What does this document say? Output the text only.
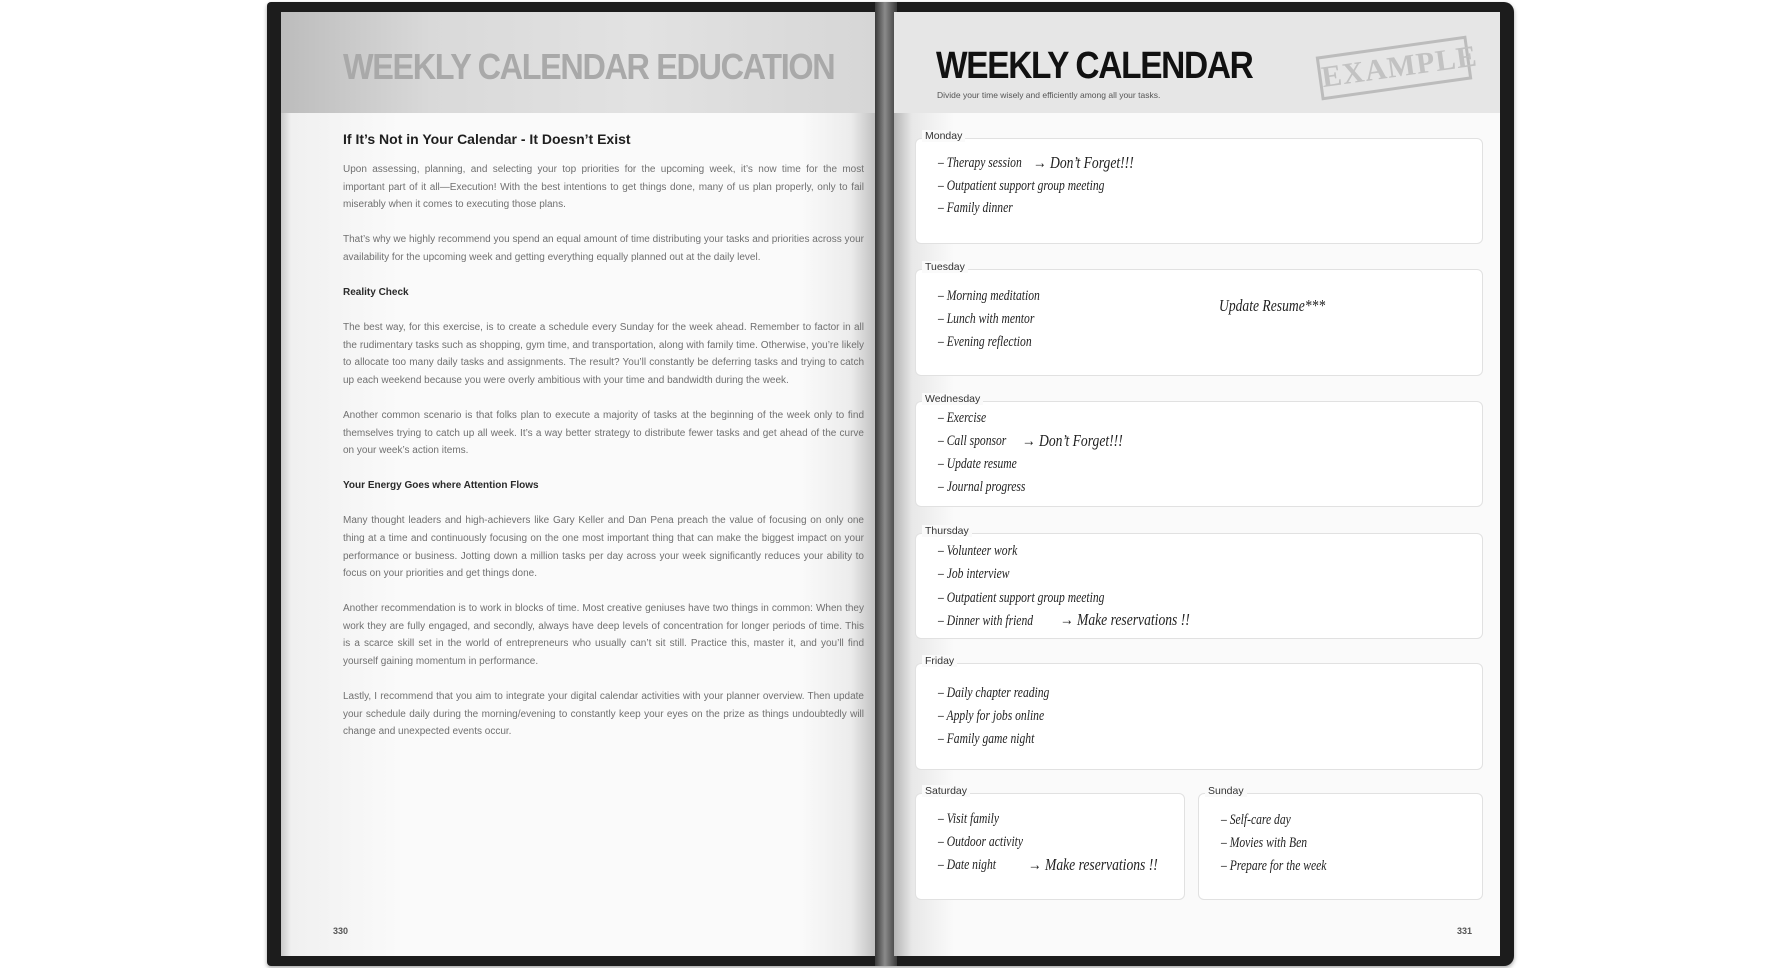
WEEKLY CALENDAR EDUCATION
If It’s Not in Your Calendar - It Doesn’t Exist

Upon assessing, planning, and selecting your top priorities for the upcoming week, it’s now time for the most important part of it all—Execution! With the best intentions to get things done, many of us plan properly, only to fail miserably when it comes to executing those plans.

That’s why we highly recommend you spend an equal amount of time distributing your tasks and priorities across your availability for the upcoming week and getting everything equally planned out at the daily level.

Reality Check

The best way, for this exercise, is to create a schedule every Sunday for the week ahead. Remember to factor in all the rudimentary tasks such as shopping, gym time, and transportation, along with family time. Otherwise, you’re likely to allocate too many daily tasks and assignments. The result? You’ll constantly be deferring tasks and trying to catch up each weekend because you were overly ambitious with your time and bandwidth during the week.

Another common scenario is that folks plan to execute a majority of tasks at the beginning of the week only to find themselves trying to catch up all week. It’s a way better strategy to distribute fewer tasks and get ahead of the curve on your week’s action items.

Your Energy Goes where Attention Flows

Many thought leaders and high-achievers like Gary Keller and Dan Pena preach the value of focusing on only one thing at a time and continuously focusing on the one most important thing that can make the biggest impact on your performance or business. Jotting down a million tasks per day across your week significantly reduces your ability to focus on your priorities and get things done.

Another recommendation is to work in blocks of time. Most creative geniuses have two things in common: When they work they are fully engaged, and secondly, always have deep levels of concentration for longer periods of time. This is a scarce skill set in the world of entrepreneurs who usually can’t sit still. Practice this, master it, and you’ll find yourself gaining momentum in performance.

Lastly, I recommend that you aim to integrate your digital calendar activities with your planner overview. Then update your schedule daily during the morning/evening to constantly keep your eyes on the prize as things undoubtedly will change and unexpected events occur.

330
WEEKLY CALENDAR
Divide your time wisely and efficiently among all your tasks.
EXAMPLE
Monday
– Therapy session
– Outpatient support group meeting
– Family dinner
→ Don’t Forget!!!
Tuesday
– Morning meditation
– Lunch with mentor
– Evening reflection
Update Resume***
Wednesday
– Exercise
– Call sponsor
– Update resume
– Journal progress
→ Don’t Forget!!!
Thursday
– Volunteer work
– Job interview
– Outpatient support group meeting
– Dinner with friend → Make reservations !!
Friday
– Daily chapter reading
– Apply for jobs online
– Family game night
Saturday
– Visit family
– Outdoor activity
– Date night → Make reservations !!
Sunday
– Self-care day
– Movies with Ben
– Prepare for the week
331
